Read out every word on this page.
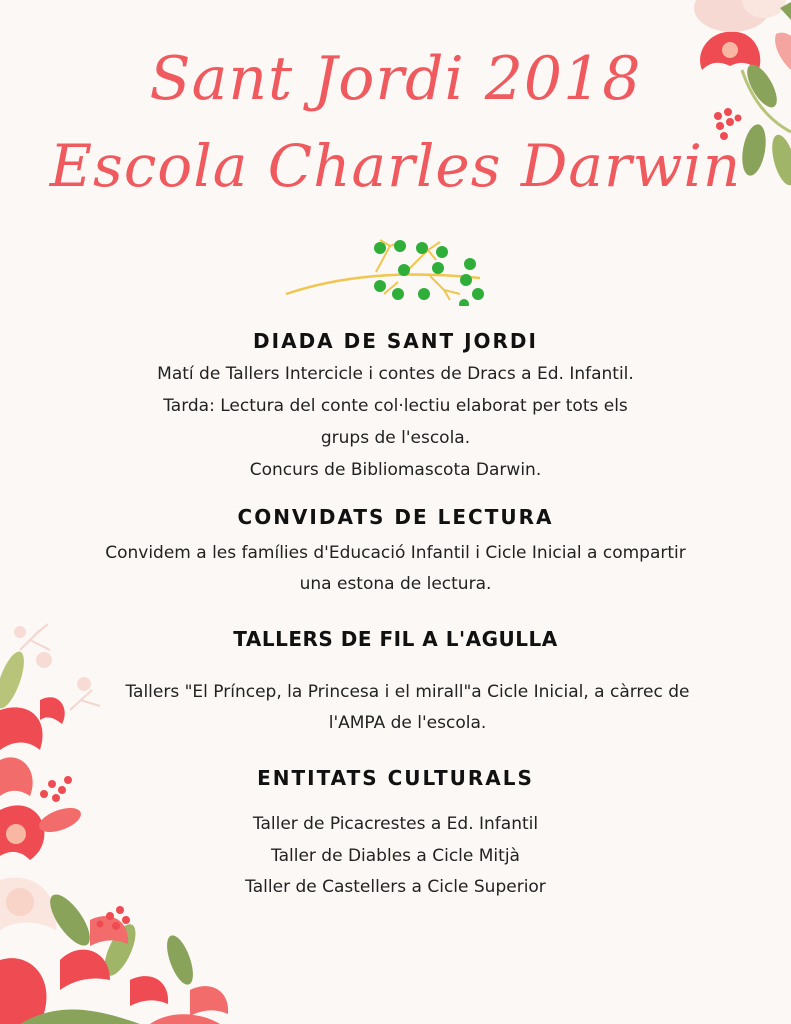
Sant Jordi 2018
Escola Charles Darwin
DIADA DE SANT JORDI
Matí de Tallers Intercicle i contes de Dracs a Ed. Infantil.
Tarda: Lectura del conte col·lectiu elaborat per tots els
grups de l'escola.
Concurs de Bibliomascota Darwin.
CONVIDATS DE LECTURA
Convidem a les famílies d'Educació Infantil i Cicle Inicial a compartir
una estona de lectura.
TALLERS DE FIL A L'AGULLA
Tallers "El Príncep, la Princesa i el mirall"a Cicle Inicial, a càrrec de
l'AMPA de l'escola.
ENTITATS CULTURALS
Taller de Picacrestes a Ed. Infantil
Taller de Diables a Cicle Mitjà
Taller de Castellers a Cicle Superior
